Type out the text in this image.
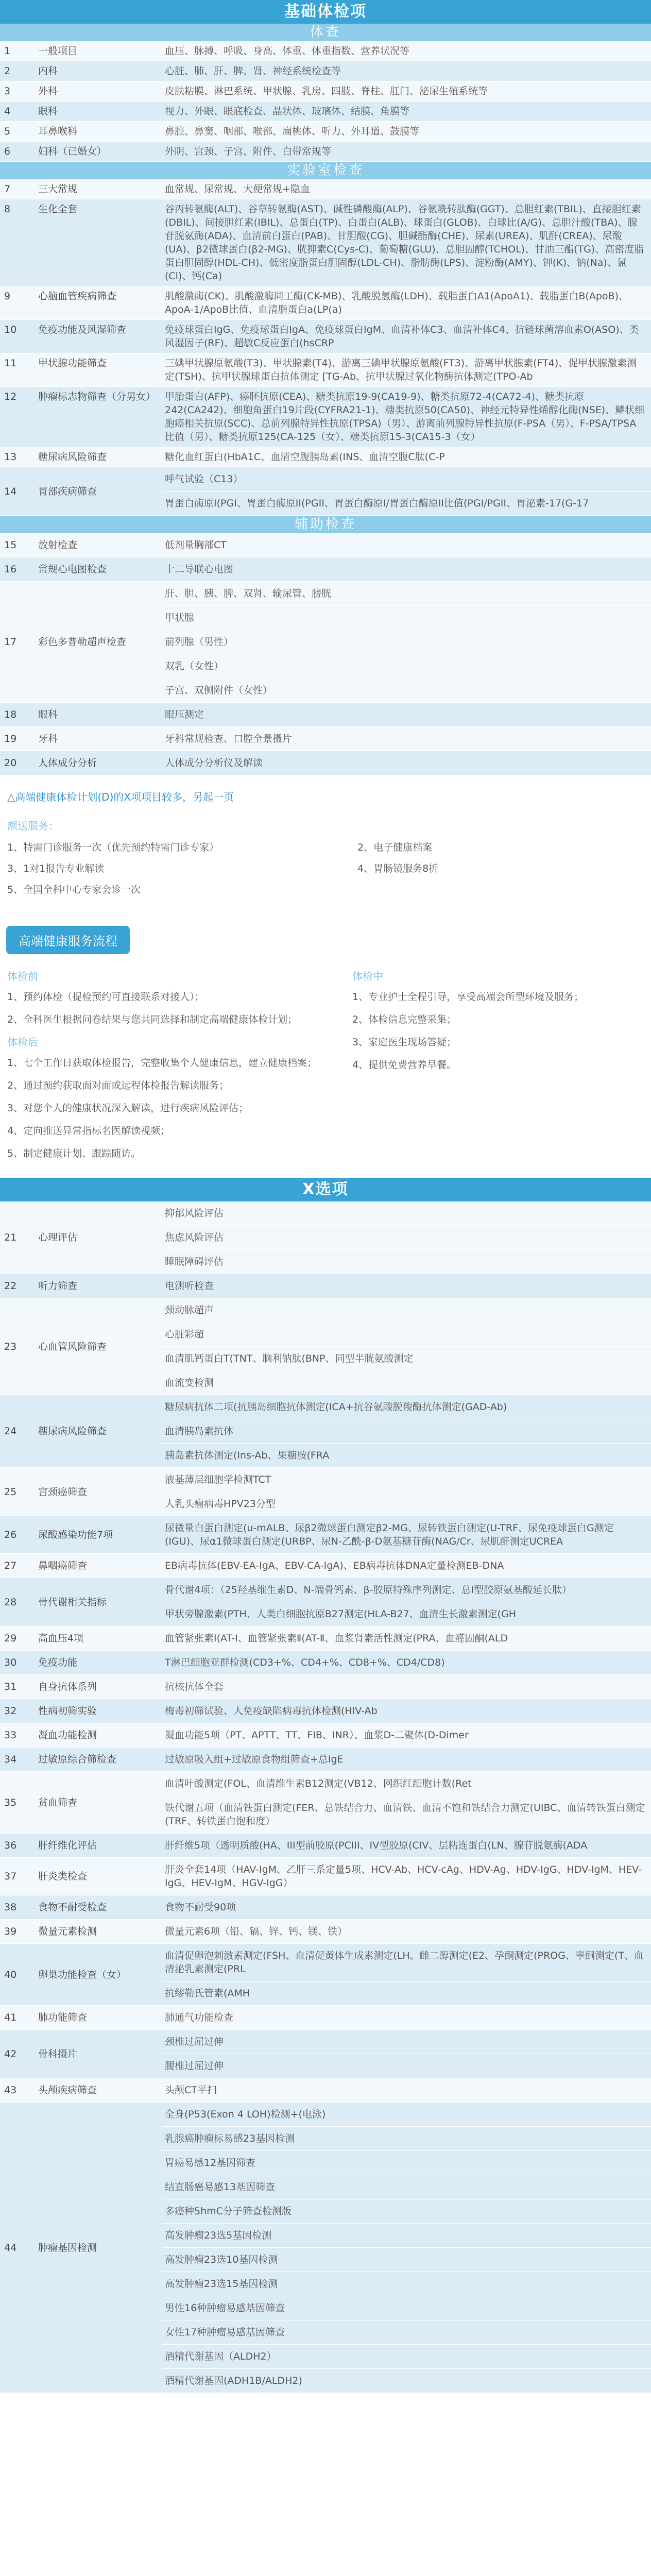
基础体检项
体查
1	一般项目	血压、脉搏、呼吸、身高、体重、体重指数、营养状况等
2	内科	心脏、肺、肝、脾、肾、神经系统检查等
3	外科	皮肤粘膜、淋巴系统、甲状腺、乳房、四肢、脊柱、肛门、泌尿生殖系统等
4	眼科	视力、外眼、眼底检查、晶状体、玻璃体、结膜、角膜等
5	耳鼻喉科	鼻腔、鼻窦、咽部、喉部、扁桃体、听力、外耳道、鼓膜等
6	妇科（已婚女）	外阴、宫颈、子宫、附件、白带常规等
实验室检查
7	三大常规	血常规、尿常规、大便常规+隐血
8	生化全套	谷丙转氨酶(ALT)、谷草转氨酶(AST)、碱性磷酸酶(ALP)、谷氨酰转肽酶(GGT)、总胆红素(TBIL)、直接胆红素(DBIL)、间接胆红素(IBIL)、总蛋白(TP)、白蛋白(ALB)、球蛋白(GLOB)、白球比(A/G)、总胆汁酸(TBA)、腺苷脱氨酶(ADA)、血清前白蛋白(PAB)、甘胆酸(CG)、胆碱酯酶(CHE)、尿素(UREA)、肌酐(CREA)、尿酸(UA)、β2微球蛋白(β2-MG)、胱抑素C(Cys-C)、葡萄糖(GLU)、总胆固醇(TCHOL)、甘油三酯(TG)、高密度脂蛋白胆固醇(HDL-CH)、低密度脂蛋白胆固醇(LDL-CH)、脂肪酶(LPS)、淀粉酶(AMY)、钾(K)、钠(Na)、氯(Cl)、钙(Ca)
9	心脑血管疾病筛查	肌酸激酶(CK)、肌酸激酶同工酶(CK-MB)、乳酸脱氢酶(LDH)、载脂蛋白A1(ApoA1)、载脂蛋白B(ApoB)、ApoA-1/ApoB比值、血清脂蛋白a(LP(a)
10	免疫功能及风湿筛查	免疫球蛋白IgG、免疫球蛋白IgA、免疫球蛋白IgM、血清补体C3、血清补体C4、抗链球菌溶血素O(ASO)、类风湿因子(RF)、超敏C反应蛋白(hsCRP
11	甲状腺功能筛查	三碘甲状腺原氨酸(T3)、甲状腺素(T4)、游离三碘甲状腺原氨酸(FT3)、游离甲状腺素(FT4)、促甲状腺激素测定(TSH)、抗甲状腺球蛋白抗体测定 [TG-Ab、抗甲状腺过氧化物酶抗体测定(TPO-Ab
12	肿瘤标志物筛查（分男女） 甲胎蛋白(AFP)、癌胚抗原(CEA)、糖类抗原19-9(CA19-9)、糖类抗原72-4(CA72-4)、糖类抗原242(CA242)、细胞角蛋白19片段(CYFRA21-1)、糖类抗原50(CA50)、神经元特异性烯醇化酶(NSE)、鳞状细胞癌相关抗原(SCC)、总前列腺特异性抗原(TPSA)（男）、游离前列腺特异性抗原(F-PSA（男）、F-PSA/TPSA比值（男）、糖类抗原125(CA-125（女）、糖类抗原15-3(CA15-3（女）
13	糖尿病风险筛查	糖化血红蛋白(HbA1C、血清空腹胰岛素(INS、血清空腹C肽(C-P
14	胃部疾病筛查
呼气试验（C13）
胃蛋白酶原I(PGI、胃蛋白酶原II(PGII、胃蛋白酶原I/胃蛋白酶原II比值(PGI/PGII、胃泌素-17(G-17
辅助检查
15	放射检查	低剂量胸部CT
16	常规心电图检查	十二导联心电图
17	彩色多普勒超声检查
肝、胆、胰、脾、双肾、输尿管、膀胱
甲状腺
前列腺（男性）
双乳（女性）
子宫、双侧附件（女性）
18	眼科	眼压测定
19	牙科	牙科常规检查、口腔全景摄片
20	人体成分分析	人体成分分析仪及解读
△高端健康体检计划(D)的X项项目较多，另起一页
额送服务：
1、特需门诊服务一次（优先预约特需门诊专家）	2、电子健康档案
3、1对1报告专业解读	4、胃肠镜服务8折
5、全国全科中心专家会诊一次
高端健康服务流程
体检前
1、预约体检（提检预约可直接联系对接人）；
2、全科医生根据问卷结果与您共同选择和制定高端健康体检计划；
体检后
1、七个工作日获取体检报告，完整收集个人健康信息，建立健康档案；
2、通过预约获取面对面或远程体检报告解读服务；
3、对您个人的健康状况深入解读，进行疾病风险评估；
4、定向推送异常指标名医解读视频；
5、制定健康计划、跟踪随访。
体检中
1、专业护士全程引导，享受高端会所型环境及服务；
2、体检信息完整采集；
3、家庭医生现场答疑；
4、提供免费营养早餐。
X选项
21	心理评估
抑郁风险评估
焦虑风险评估
睡眠障碍评估
22	听力筛查	电测听检查
23	心血管风险筛查
颈动脉超声
心脏彩超
血清肌钙蛋白T(TNT、脑利钠肽(BNP、同型半胱氨酸测定
血流变检测
24	糖尿病风险筛查
糖尿病抗体二项(抗胰岛细胞抗体测定(ICA+抗谷氨酸脱羧酶抗体测定(GAD-Ab)
血清胰岛素抗体
胰岛素抗体测定(Ins-Ab、果糖胺(FRA
25	宫颈癌筛查
液基薄层细胞学检测TCT
人乳头瘤病毒HPV23分型
26	尿酸感染功能7项
尿微量白蛋白测定(u-mALB、尿β2微球蛋白测定β2-MG、尿转铁蛋白测定(U-TRF、尿免疫球蛋白G测定(IGU)、尿α1微球蛋白测定(URBP、尿N-乙酰-β-D氨基糖苷酶(NAG/Cr、尿肌酐测定UCREA
27	鼻咽癌筛查	EB病毒抗体(EBV-EA-IgA、EBV-CA-IgA)、EB病毒抗体DNA定量检测EB-DNA
28	骨代谢相关指标
骨代谢4项：（25羟基维生素D、N-端骨钙素、β-胶原特殊序列测定、总I型胶原氨基酸延长肽）
甲状旁腺激素(PTH、人类白细胞抗原B27测定(HLA-B27、血清生长激素测定(GH
29	高血压4项	血管紧张素Ⅰ(AT-Ⅰ、血管紧张素Ⅱ(AT-Ⅱ、血浆肾素活性测定(PRA、血醛固酮(ALD
30	免疫功能	T淋巴细胞亚群检测(CD3+%、CD4+%、CD8+%、CD4/CD8)
31	自身抗体系列	抗核抗体全套
32	性病初筛实验	梅毒初筛试验、人免疫缺陷病毒抗体检测(HIV-Ab
33	凝血功能检测	凝血功能5项（PT、APTT、TT、FIB、INR）、血浆D-二聚体(D-Dimer
34	过敏原综合筛检查	过敏原吸入组+过敏原食物组筛查+总IgE
35	贫血筛查
血清叶酸测定(FOL、血清维生素B12测定(VB12、网织红细胞计数(Ret
铁代谢五项（血清铁蛋白测定(FER、总铁结合力、血清铁、血清不饱和铁结合力测定(UIBC、血清转铁蛋白测定(TRF、转铁蛋白饱和度）
36	肝纤维化评估	肝纤维5项（透明质酸(HA、III型前胶原(PCIII、IV型胶原(CIV、层粘连蛋白(LN、腺苷脱氨酶(ADA
37	肝炎类检查
肝炎全套14项（HAV-IgM、乙肝三系定量5项、HCV-Ab、HCV-cAg、HDV-Ag、HDV-IgG、HDV-IgM、HEV-IgG、HEV-IgM、HGV-IgG）
38	食物不耐受检查	食物不耐受90项
39	微量元素检测	微量元素6项（铅、镉、锌、钙、镁、铁）
40	卵巢功能检查（女）
血清促卵泡刺激素测定(FSH、血清促黄体生成素测定(LH、雌二醇测定(E2、孕酮测定(PROG、睾酮测定(T、血清泌乳素测定(PRL
抗缪勒氏管素(AMH
41	肺功能筛查	肺通气功能检查
42	骨科摄片
颈椎过屈过伸
腰椎过屈过伸
43	头颅疾病筛查	头颅CT平扫
44	肿瘤基因检测
全身(P53(Exon 4 LOH)检测+(电泳)
乳腺癌肿瘤标易感23基因检测
胃癌易感12基因筛查
结直肠癌易感13基因筛查
多癌种5hmC分子筛查检测版
高发肿瘤23选5基因检测
高发肿瘤23选10基因检测
高发肿瘤23选15基因检测
男性16种肿瘤易感基因筛查
女性17种肿瘤易感基因筛查
酒精代谢基因（ALDH2）
酒精代谢基因(ADH1B/ALDH2)
